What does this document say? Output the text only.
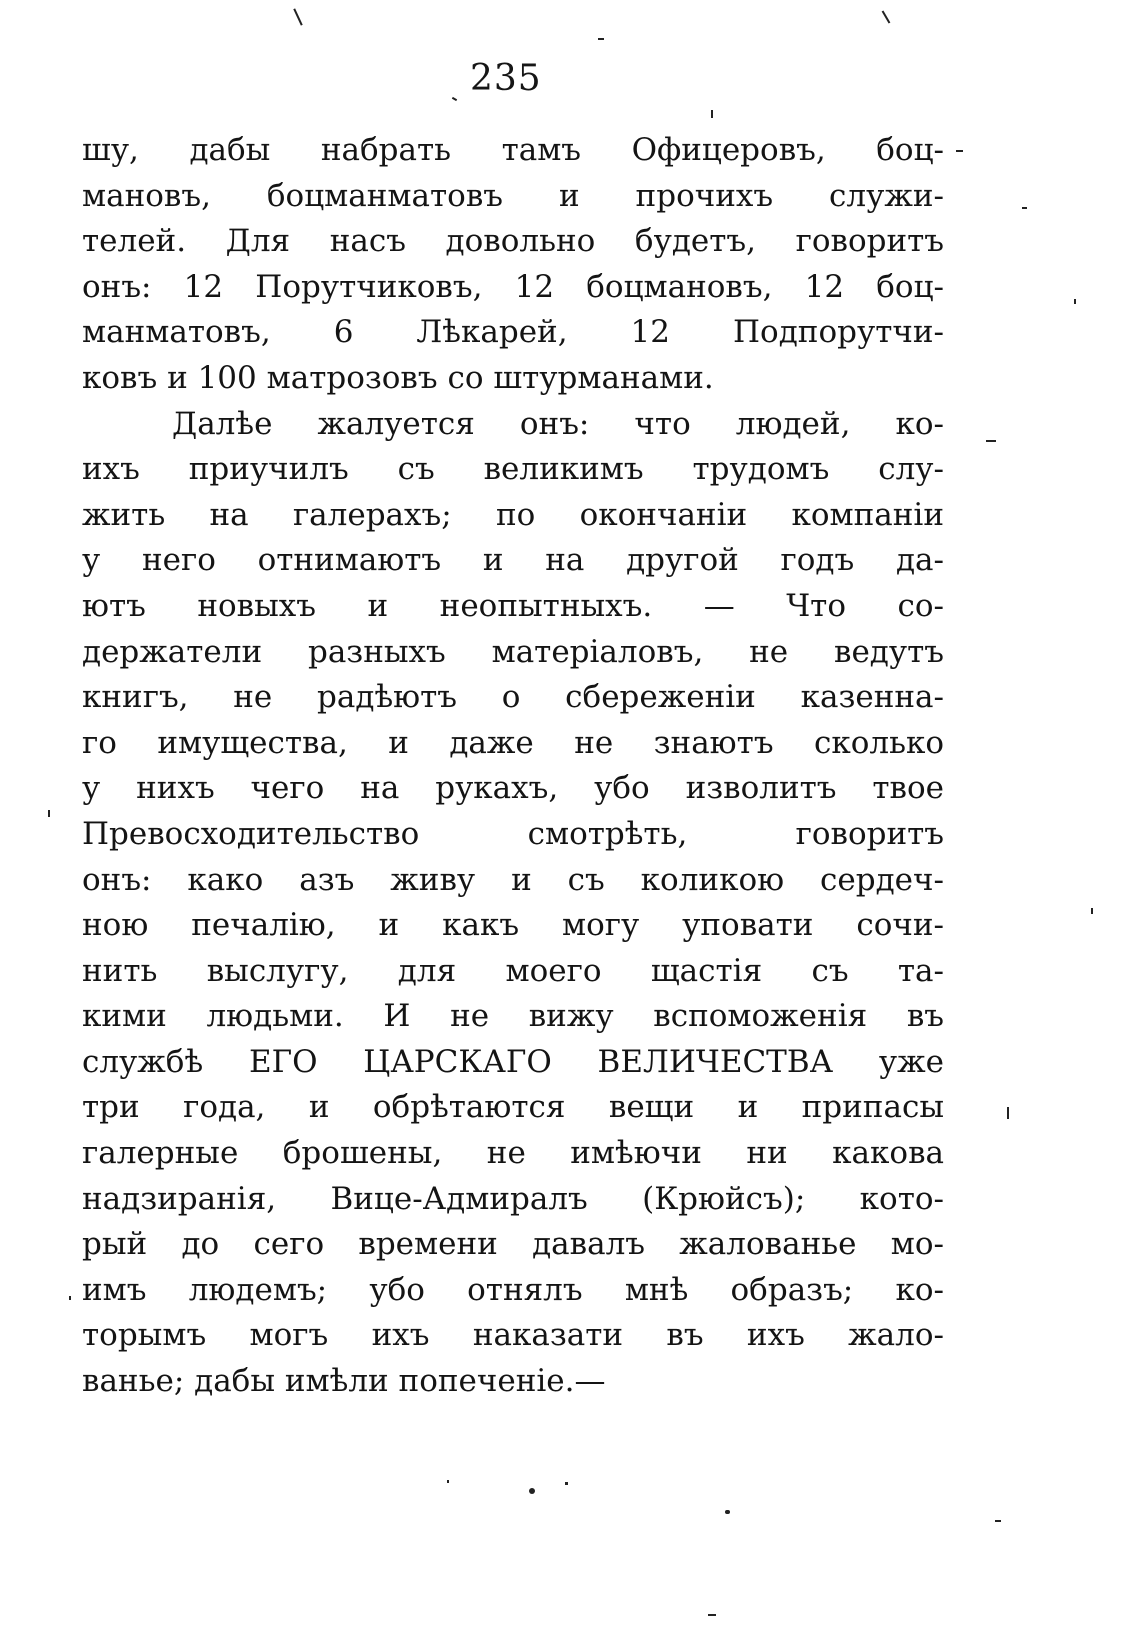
235
шу, дабы набрать тамъ Офицеровъ, боц-
мановъ, боцманматовъ и прочихъ служи-
телей. Для насъ довольно будетъ, говоритъ
онъ: 12 Порутчиковъ, 12 боцмановъ, 12 боц-
манматовъ, 6 Лѣкарей, 12 Подпорутчи-
ковъ и 100 матрозовъ со штурманами.
Далѣе жалуется онъ: что людей, ко-
ихъ приучилъ съ великимъ трудомъ слу-
жить на галерахъ; по окончаніи компаніи
у него отнимаютъ и на другой годъ да-
ютъ новыхъ и неопытныхъ. — Что со-
держатели разныхъ матеріаловъ, не ведутъ
книгъ, не радѣютъ о сбереженіи казенна-
го имущества, и даже не знаютъ сколько
у нихъ чего на рукахъ, убо изволитъ твое
Превосходительство смотрѣть, говоритъ
онъ: како азъ живу и съ коликою сердеч-
ною печалію, и какъ могу уповати сочи-
нить выслугу, для моего щастія съ та-
кими людьми. И не вижу вспоможенія въ
службѣ ЕГО ЦАРСКАГО ВЕЛИЧЕСТВА уже
три года, и обрѣтаются вещи и припасы
галерные брошены, не имѣючи ни какова
надзиранія, Вице-Адмиралъ (Крюйсъ); кото-
рый до сего времени давалъ жалованье мо-
имъ людемъ; убо отнялъ мнѣ образъ; ко-
торымъ могъ ихъ наказати въ ихъ жало-
ванье; дабы имѣли попеченіе.—
